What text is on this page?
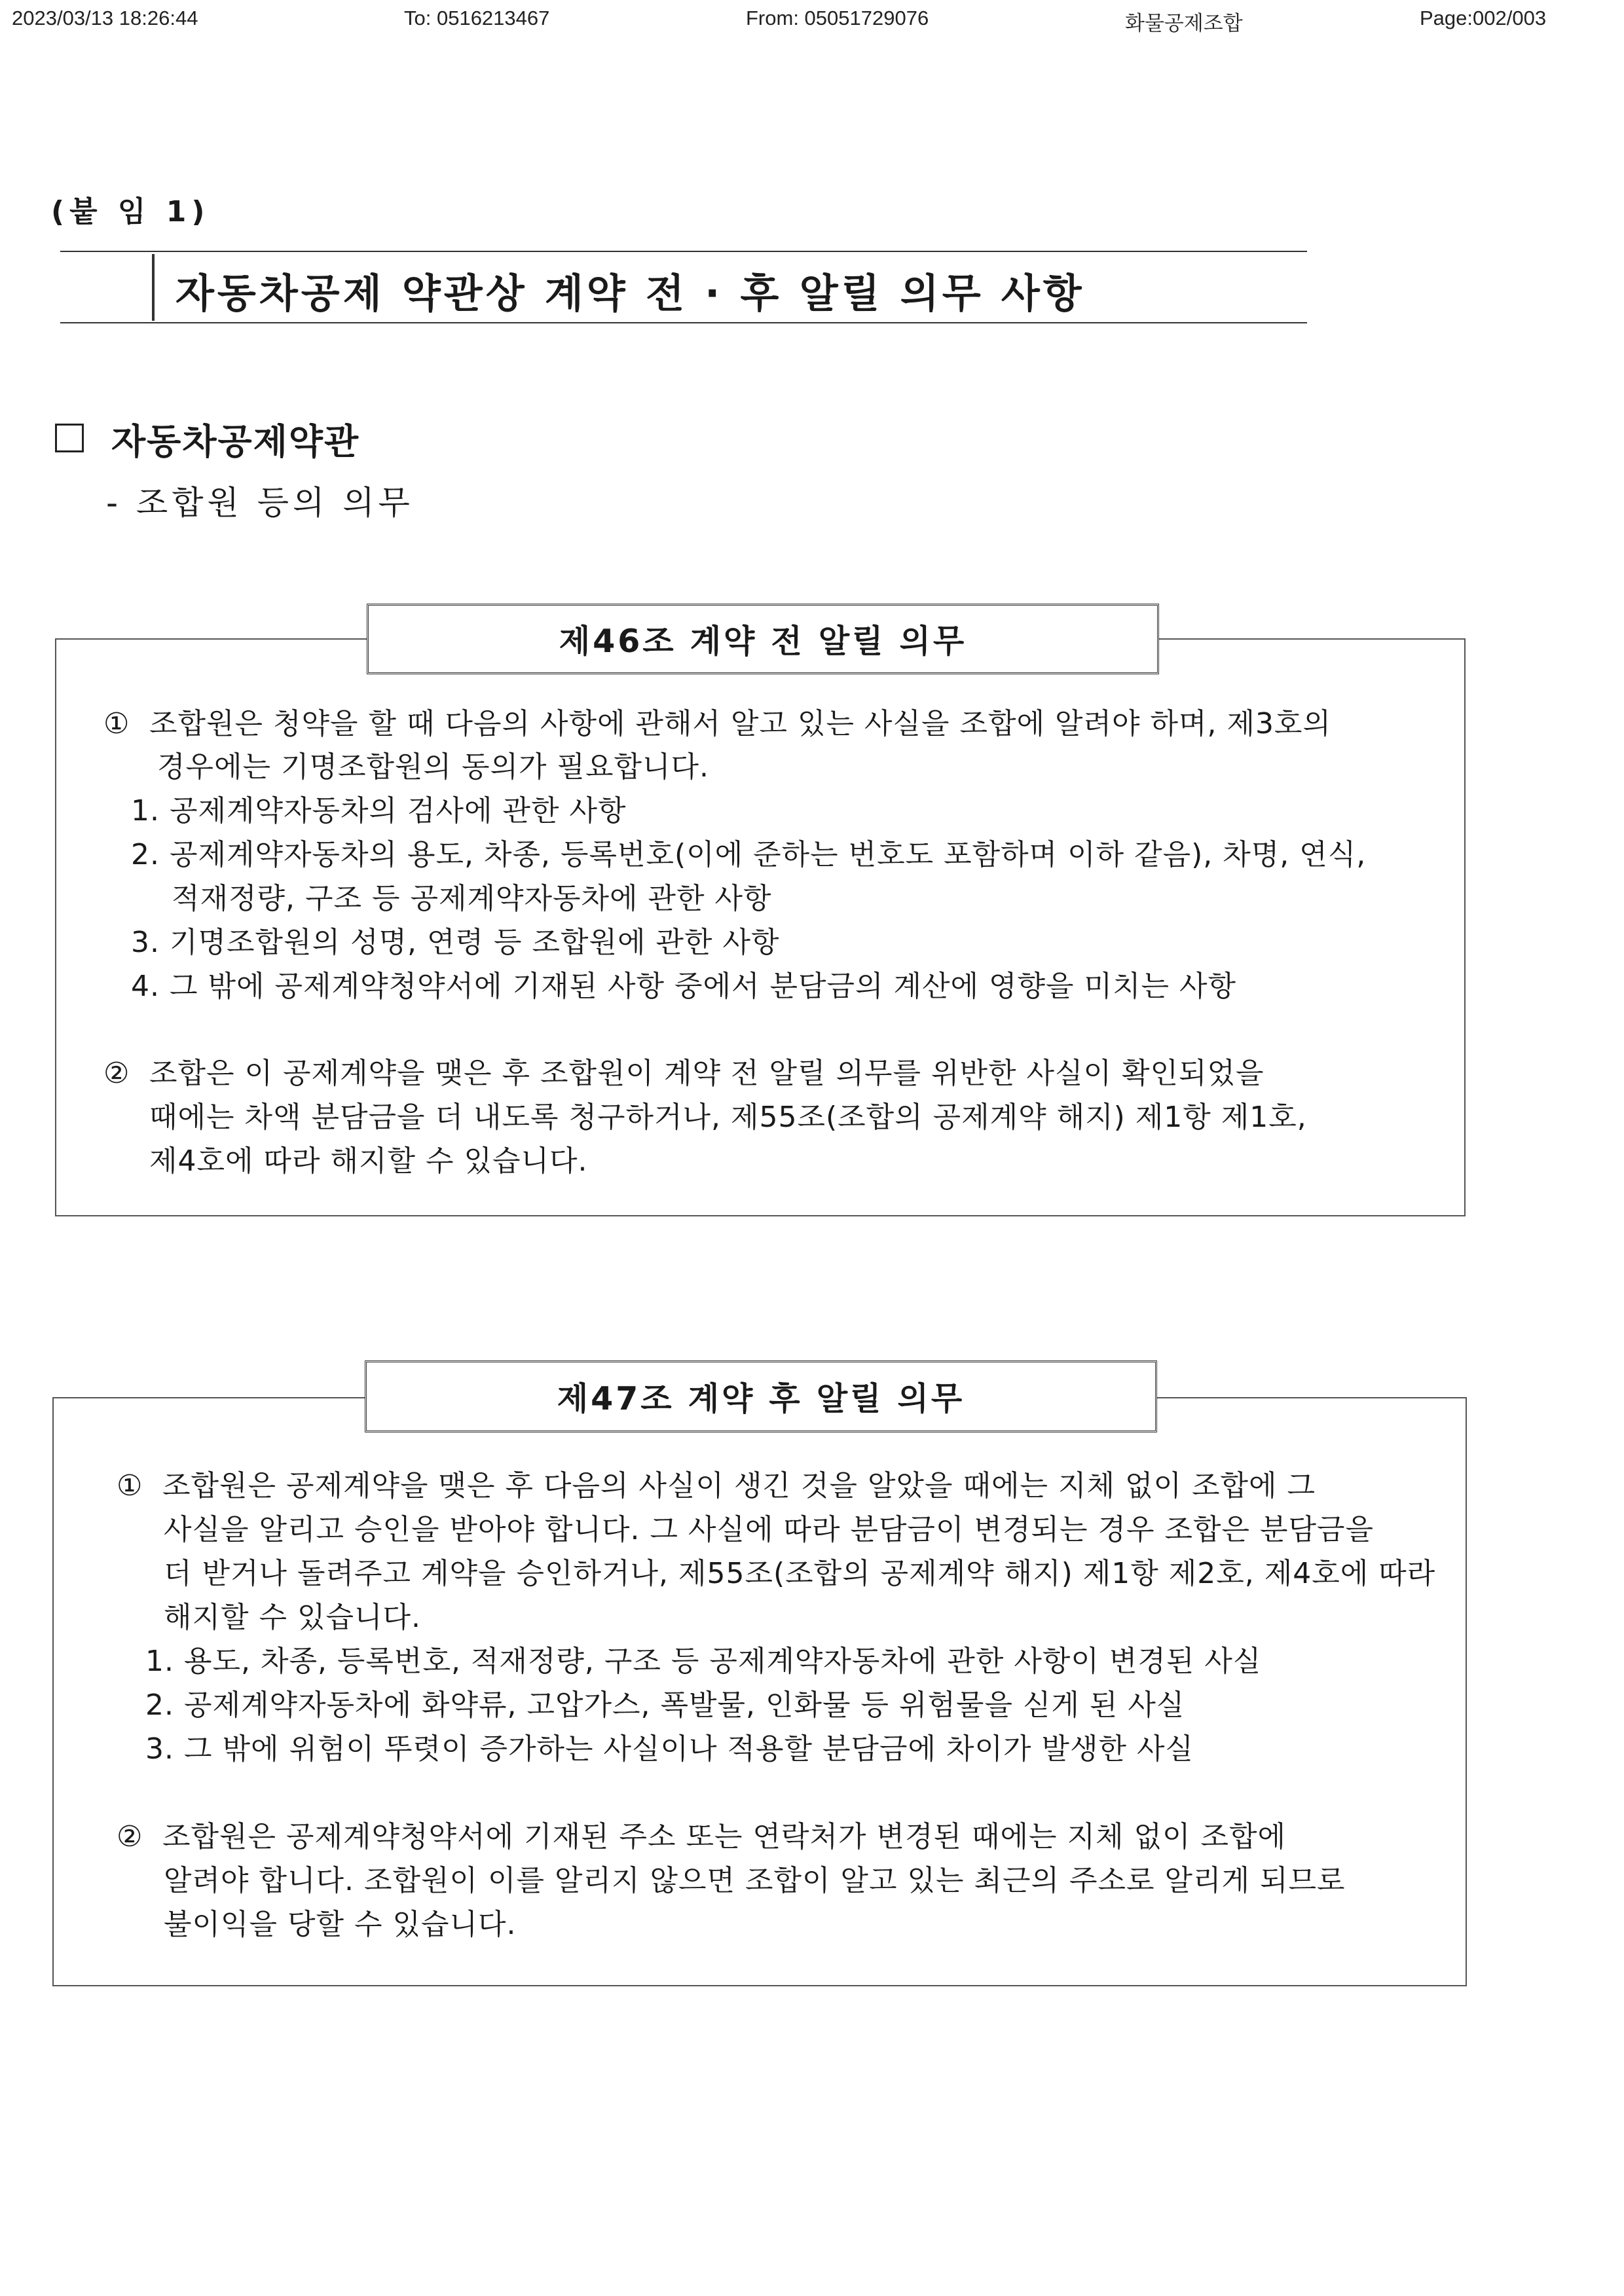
2023/03/13 18:26:44	To: 0516213467	From: 05051729076	화물공제조합	Page:002/003
(붙 임 1)
자동차공제 약관상 계약 전 · 후 알릴 의무 사항
자동차공제약관
- 조합원 등의 의무
제46조 계약 전 알릴 의무
① 조합원은 청약을 할 때 다음의 사항에 관해서 알고 있는 사실을 조합에 알려야 하며, 제3호의
경우에는 기명조합원의 동의가 필요합니다.
1. 공제계약자동차의 검사에 관한 사항
2. 공제계약자동차의 용도, 차종, 등록번호(이에 준하는 번호도 포함하며 이하 같음), 차명, 연식,
적재정량, 구조 등 공제계약자동차에 관한 사항
3. 기명조합원의 성명, 연령 등 조합원에 관한 사항
4. 그 밖에 공제계약청약서에 기재된 사항 중에서 분담금의 계산에 영향을 미치는 사항
② 조합은 이 공제계약을 맺은 후 조합원이 계약 전 알릴 의무를 위반한 사실이 확인되었을
때에는 차액 분담금을 더 내도록 청구하거나, 제55조(조합의 공제계약 해지) 제1항 제1호,
제4호에 따라 해지할 수 있습니다.
제47조 계약 후 알릴 의무
① 조합원은 공제계약을 맺은 후 다음의 사실이 생긴 것을 알았을 때에는 지체 없이 조합에 그
사실을 알리고 승인을 받아야 합니다. 그 사실에 따라 분담금이 변경되는 경우 조합은 분담금을
더 받거나 돌려주고 계약을 승인하거나, 제55조(조합의 공제계약 해지) 제1항 제2호, 제4호에 따라
해지할 수 있습니다.
1. 용도, 차종, 등록번호, 적재정량, 구조 등 공제계약자동차에 관한 사항이 변경된 사실
2. 공제계약자동차에 화약류, 고압가스, 폭발물, 인화물 등 위험물을 싣게 된 사실
3. 그 밖에 위험이 뚜렷이 증가하는 사실이나 적용할 분담금에 차이가 발생한 사실
② 조합원은 공제계약청약서에 기재된 주소 또는 연락처가 변경된 때에는 지체 없이 조합에
알려야 합니다. 조합원이 이를 알리지 않으면 조합이 알고 있는 최근의 주소로 알리게 되므로
불이익을 당할 수 있습니다.
